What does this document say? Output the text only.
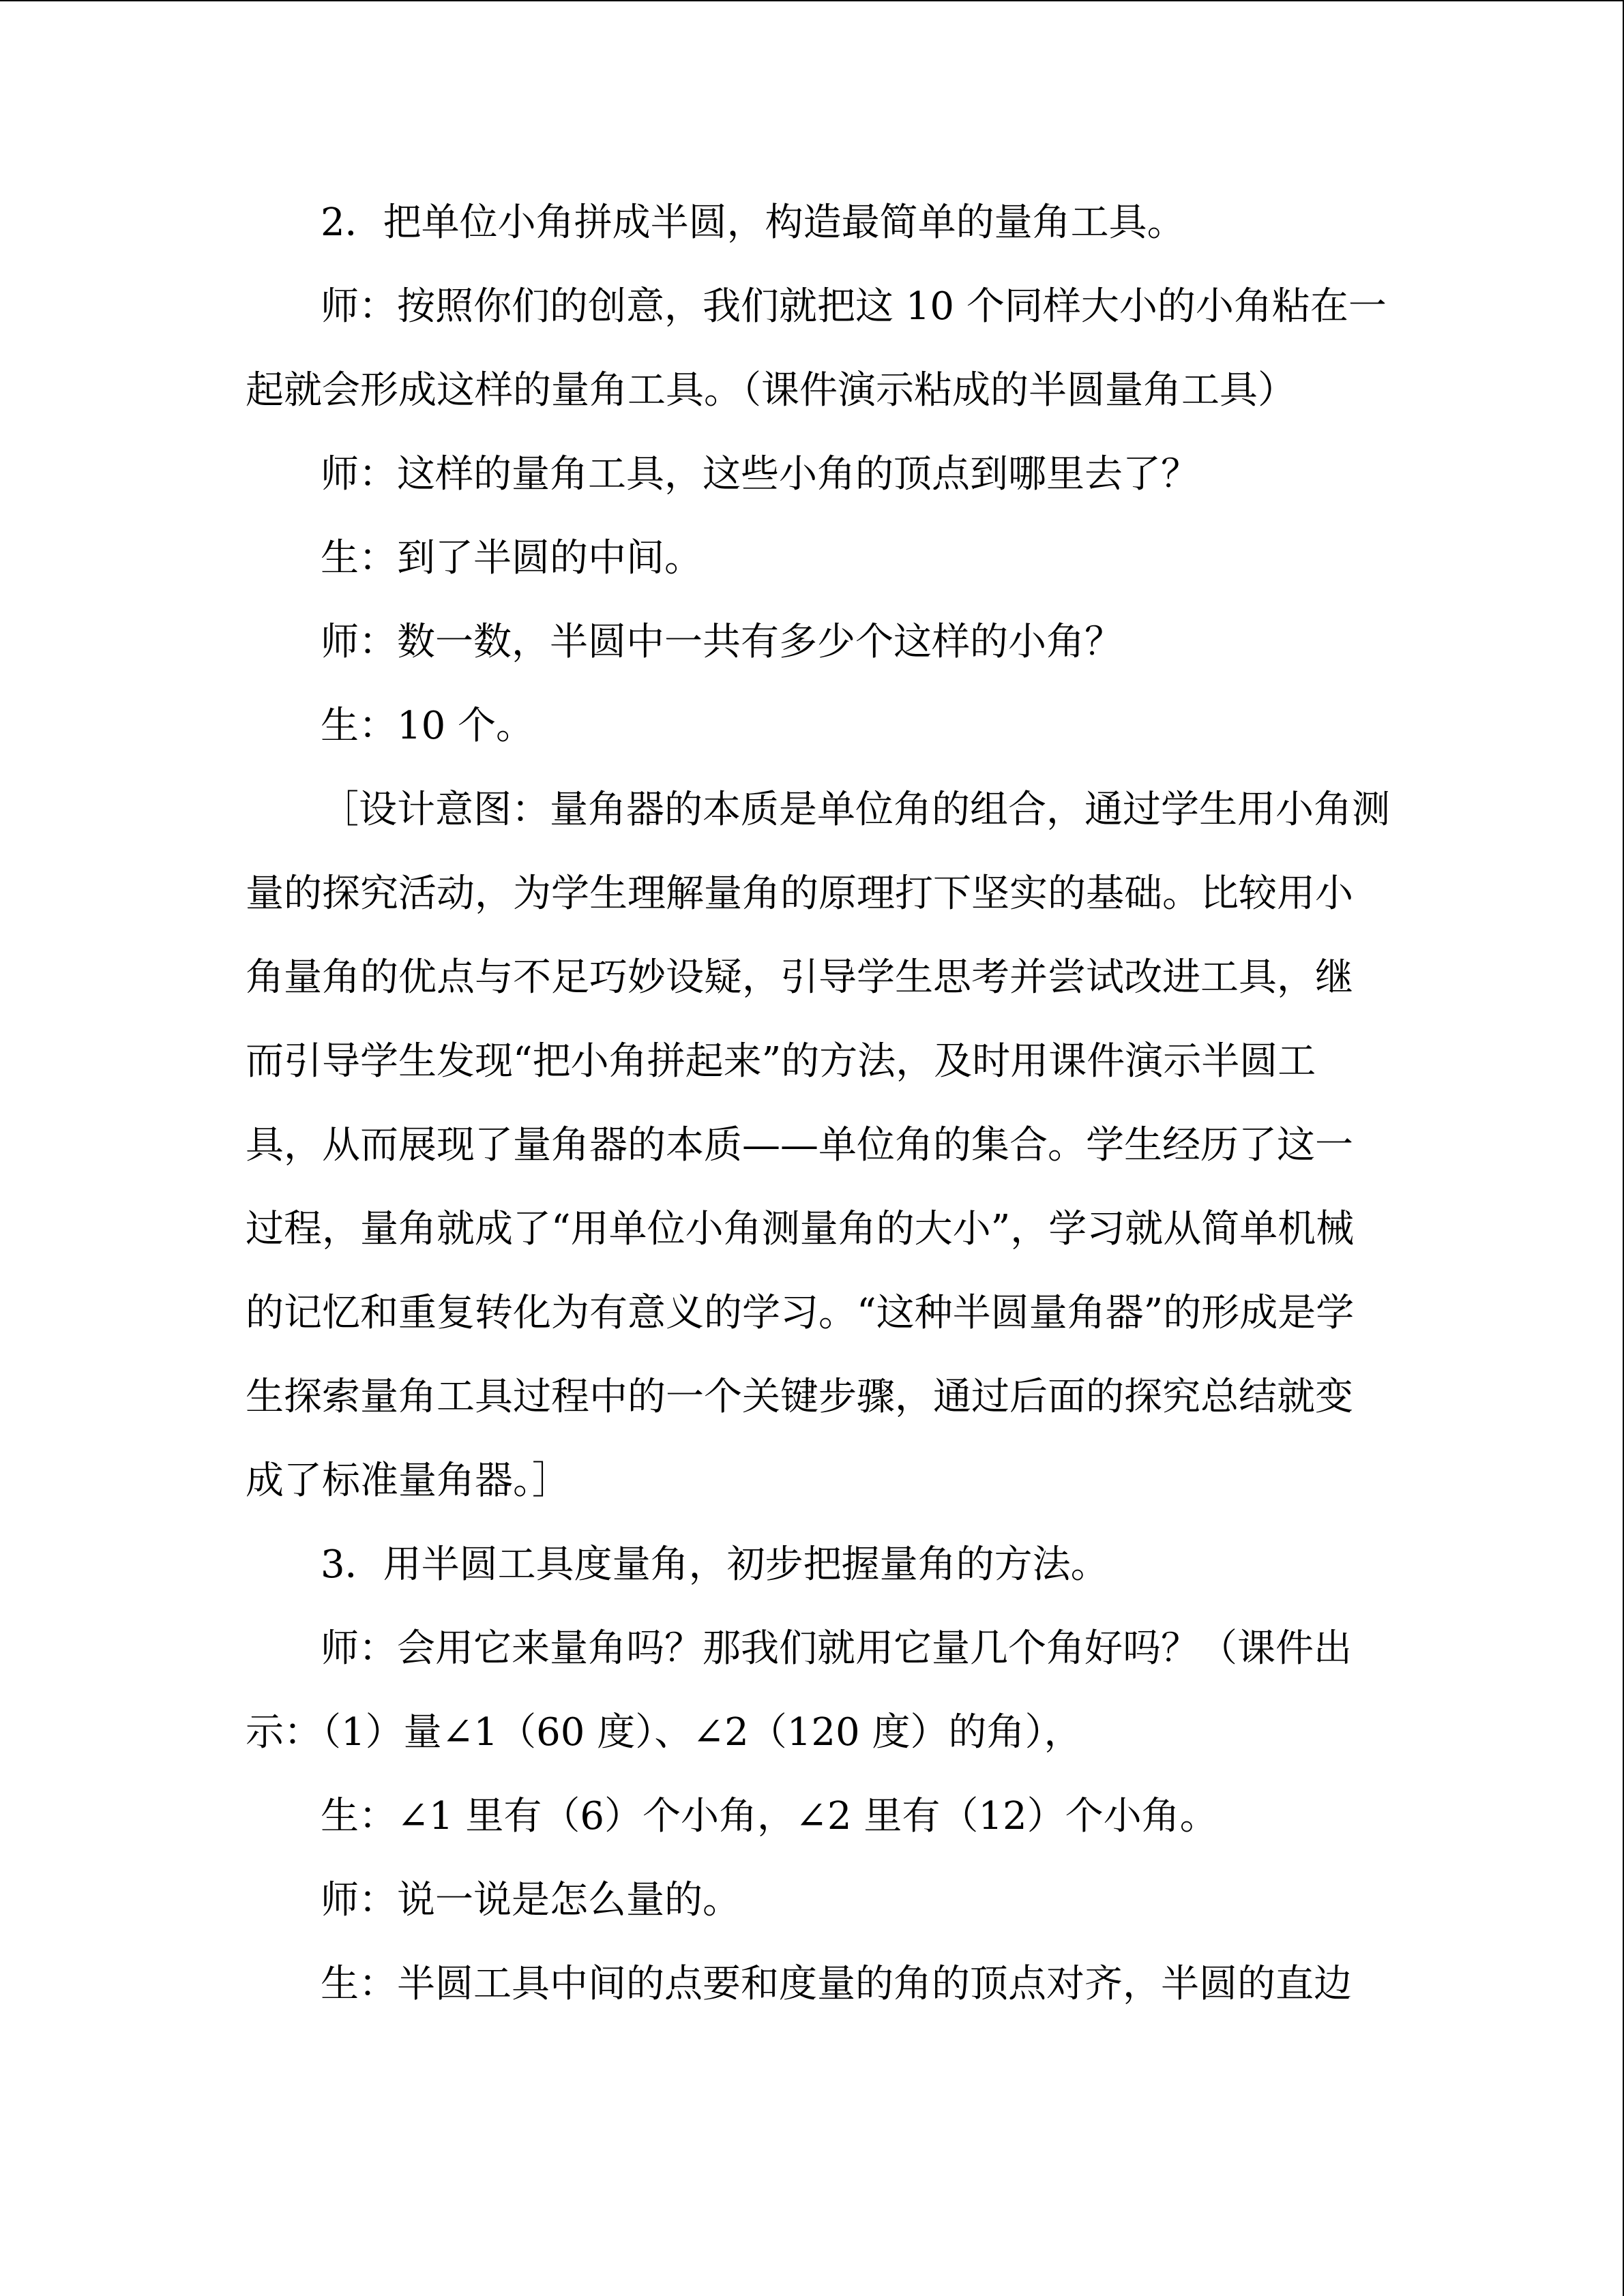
2．把单位小角拼成半圆，构造最简单的量角工具。

师：按照你们的创意，我们就把这 10 个同样大小的小角粘在一

起就会形成这样的量角工具。（课件演示粘成的半圆量角工具）

师：这样的量角工具，这些小角的顶点到哪里去了？

生：到了半圆的中间。

师：数一数，半圆中一共有多少个这样的小角？

生：10 个。

［设计意图：量角器的本质是单位角的组合，通过学生用小角测

量的探究活动，为学生理解量角的原理打下坚实的基础。比较用小

角量角的优点与不足巧妙设疑，引导学生思考并尝试改进工具，继

而引导学生发现“把小角拼起来”的方法，及时用课件演示半圆工

具，从而展现了量角器的本质——单位角的集合。学生经历了这一

过程，量角就成了“用单位小角测量角的大小”，学习就从简单机械

的记忆和重复转化为有意义的学习。“这种半圆量角器”的形成是学

生探索量角工具过程中的一个关键步骤，通过后面的探究总结就变

成了标准量角器。］

3．用半圆工具度量角，初步把握量角的方法。

师：会用它来量角吗？那我们就用它量几个角好吗？（课件出

示：（1）量∠1（60 度）、∠2（120 度）的角），

生：∠1 里有（6）个小角，∠2 里有（12）个小角。

师：说一说是怎么量的。

生：半圆工具中间的点要和度量的角的顶点对齐，半圆的直边
